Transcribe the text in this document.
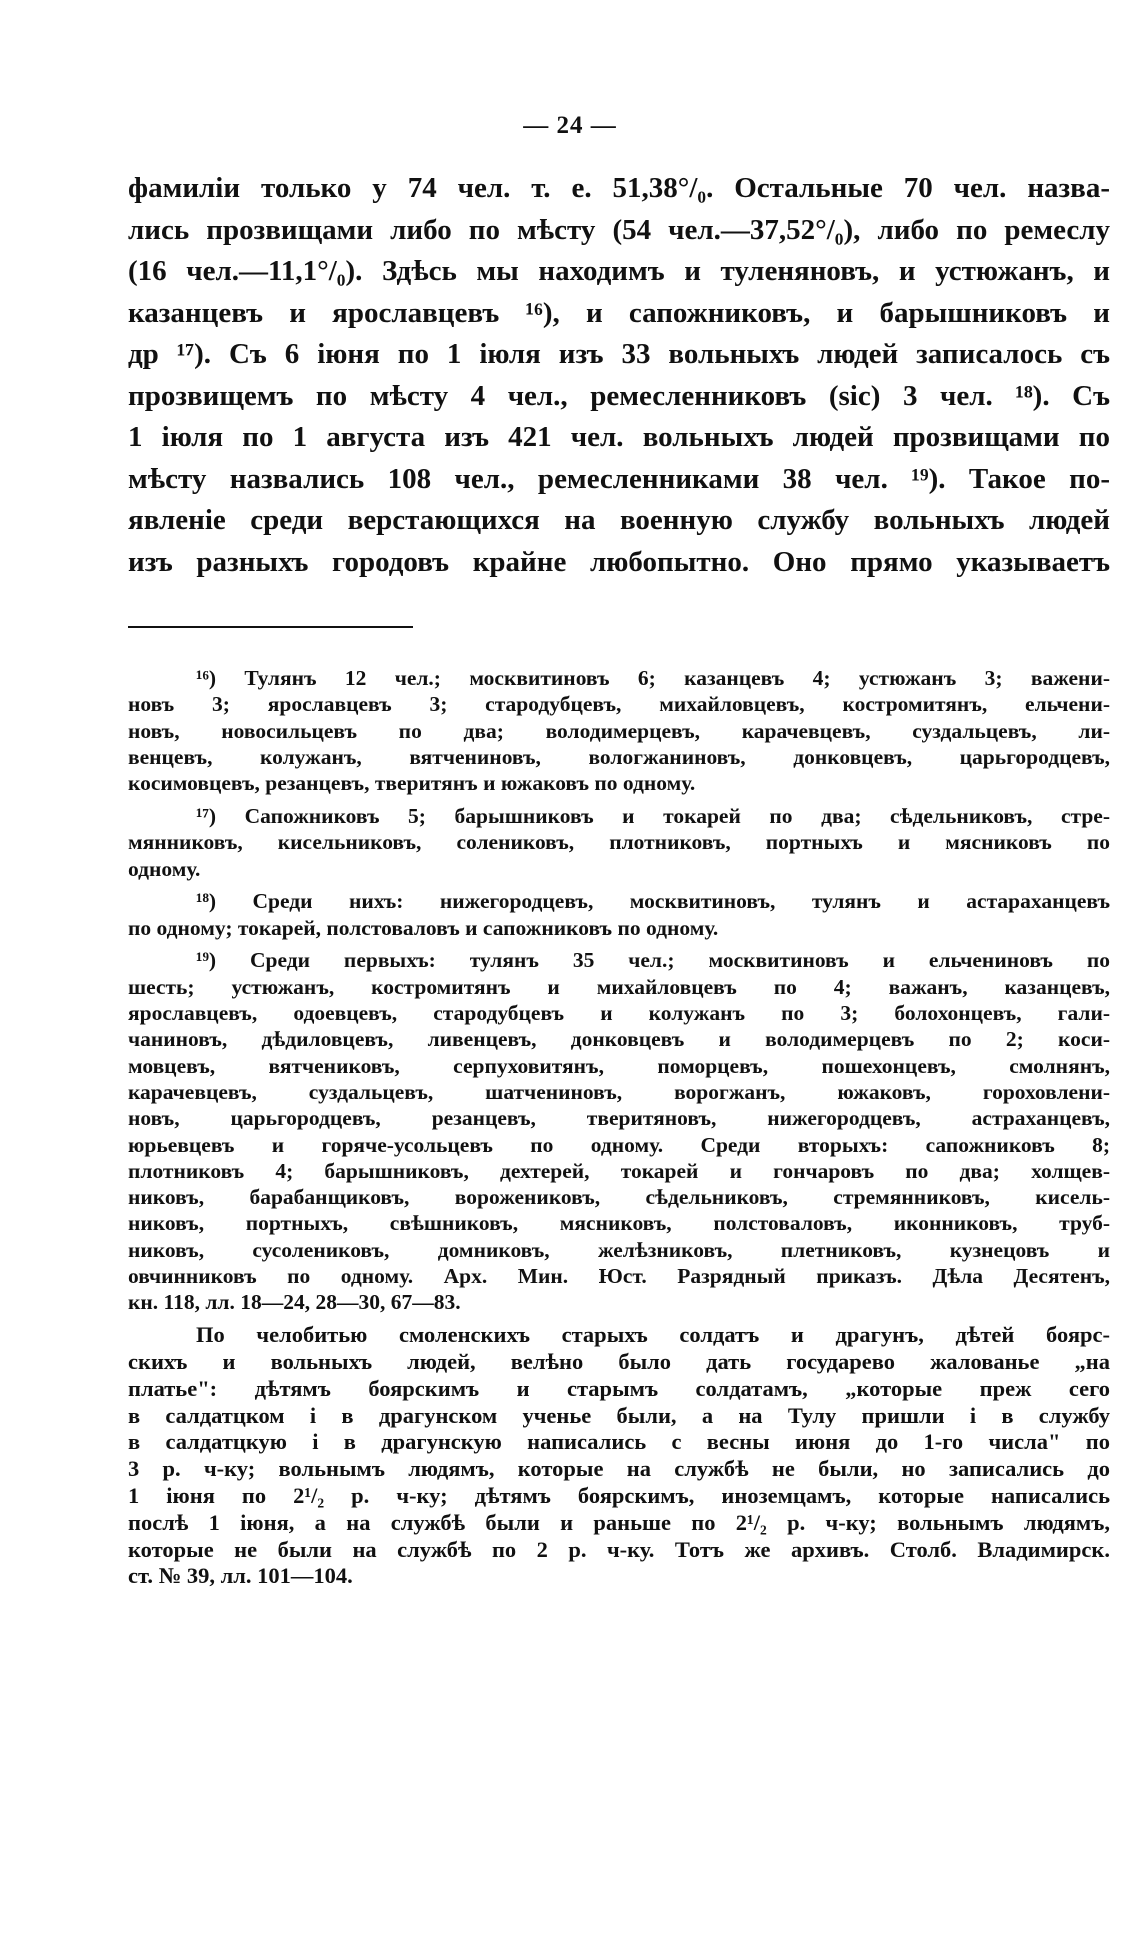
— 24 —
фамилiи только у 74 чел. т. е. 51,38°/₀. Остальные 70 чел. назва-
лись прозвищами либо по мѣсту (54 чел.—37,52°/₀), либо по ремеслу
(16 чел.—11,1°/₀). Здѣсь мы находимъ и туленяновъ, и устюжанъ, и
казанцевъ и ярославцевъ ¹⁶), и сапожниковъ, и барышниковъ и
др ¹⁷). Съ 6 iюня по 1 iюля изъ 33 вольныхъ людей записалось съ
прозвищемъ по мѣсту 4 чел., ремесленниковъ (sic) 3 чел. ¹⁸). Съ
1 iюля по 1 августа изъ 421 чел. вольныхъ людей прозвищами по
мѣсту назвались 108 чел., ремесленниками 38 чел. ¹⁹). Такое по-
явленiе среди верстающихся на военную службу вольныхъ людей
изъ разныхъ городовъ крайне любопытно. Оно прямо указываетъ
¹⁶) Тулянъ 12 чел.; москвитиновъ 6; казанцевъ 4; устюжанъ 3; важени-
новъ 3; ярославцевъ 3; стародубцевъ, михайловцевъ, костромитянъ, ельчени-
новъ, новосильцевъ по два; володимерцевъ, карачевцевъ, суздальцевъ, ли-
венцевъ, колужанъ, вятчениновъ, вологжаниновъ, донковцевъ, царьгородцевъ,
косимовцевъ, резанцевъ, тверитянъ и южаковъ по одному.
¹⁷) Сапожниковъ 5; барышниковъ и токарей по два; сѣдельниковъ, стре-
мянниковъ, кисельниковъ, солениковъ, плотниковъ, портныхъ и мясниковъ по
одному.
¹⁸) Среди нихъ: нижегородцевъ, москвитиновъ, тулянъ и астараханцевъ
по одному; токарей, полстоваловъ и сапожниковъ по одному.
¹⁹) Среди первыхъ: тулянъ 35 чел.; москвитиновъ и ельчениновъ по
шесть; устюжанъ, костромитянъ и михайловцевъ по 4; важанъ, казанцевъ,
ярославцевъ, одоевцевъ, стародубцевъ и колужанъ по 3; болохонцевъ, гали-
чаниновъ, дѣдиловцевъ, ливенцевъ, донковцевъ и володимерцевъ по 2; коси-
мовцевъ, вятчениковъ, серпуховитянъ, поморцевъ, пошехонцевъ, смолнянъ,
карачевцевъ, суздальцевъ, шатчениновъ, ворогжанъ, южаковъ, гороховлени-
новъ, царьгородцевъ, резанцевъ, тверитяновъ, нижегородцевъ, астраханцевъ,
юрьевцевъ и горяче-усольцевъ по одному. Среди вторыхъ: сапожниковъ 8;
плотниковъ 4; барышниковъ, дехтерей, токарей и гончаровъ по два; холщев-
никовъ, барабанщиковъ, ворожениковъ, сѣдельниковъ, стремянниковъ, кисель-
никовъ, портныхъ, свѣшниковъ, мясниковъ, полстоваловъ, иконниковъ, труб-
никовъ, сусолениковъ, домниковъ, желѣзниковъ, плетниковъ, кузнецовъ и
овчинниковъ по одному. Арх. Мин. Юст. Разрядный приказъ. Дѣла Десятенъ,
кн. 118, лл. 18—24, 28—30, 67—83.
По челобитью смоленскихъ старыхъ солдатъ и драгунъ, дѣтей боярс-
скихъ и вольныхъ людей, велѣно было дать государево жалованье „на
платье": дѣтямъ боярскимъ и старымъ солдатамъ, „которые преж сего
в салдатцком і в драгунском ученье были, а на Тулу пришли і в службу
в салдатцкую і в драгунскую написались с весны июня до 1-го числа" по
3 р. ч-ку; вольнымъ людямъ, которые на службѣ не были, но записались до
1 іюня по 2¹/₂ р. ч-ку; дѣтямъ боярскимъ, иноземцамъ, которые написались
послѣ 1 іюня, а на службѣ были и раньше по 2¹/₂ р. ч-ку; вольнымъ людямъ,
которые не были на службѣ по 2 р. ч-ку. Тотъ же архивъ. Столб. Владимирск.
ст. № 39, лл. 101—104.
